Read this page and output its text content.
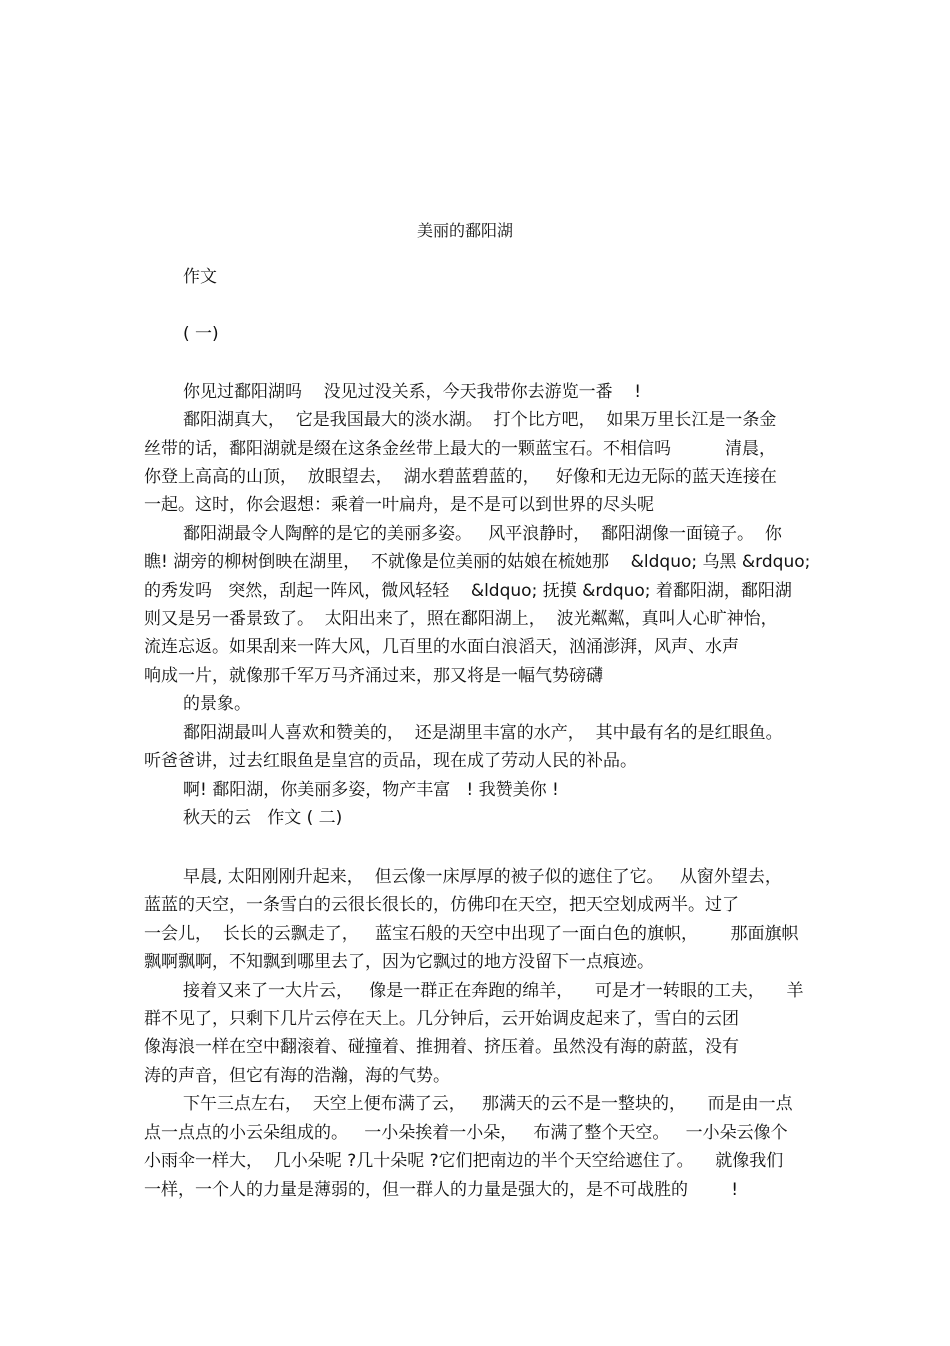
美丽的鄱阳湖

作文

( 一)

你见过鄱阳湖吗    没见过没关系，今天我带你去游览一番    !

鄱阳湖真大，  它是我国最大的淡水湖。  打个比方吧，  如果万里长江是一条金

丝带的话，鄱阳湖就是缀在这条金丝带上最大的一颗蓝宝石。不相信吗          清晨，

你登上高高的山顶，  放眼望去，  湖水碧蓝碧蓝的，   好像和无边无际的蓝天连接在

一起。这时，你会遐想：乘着一叶扁舟，是不是可以到世界的尽头呢

鄱阳湖最令人陶醉的是它的美丽多姿。   风平浪静时，  鄱阳湖像一面镜子。  你

瞧! 湖旁的柳树倒映在湖里，  不就像是位美丽的姑娘在梳她那    &ldquo; 乌黑 &rdquo;

的秀发吗   突然，刮起一阵风，微风轻轻    &ldquo; 抚摸 &rdquo; 着鄱阳湖，鄱阳湖

则又是另一番景致了。  太阳出来了，照在鄱阳湖上，  波光粼粼，真叫人心旷神怡，

流连忘返。如果刮来一阵大风，几百里的水面白浪滔天，汹涌澎湃，风声、水声

响成一片，就像那千军万马齐涌过来，那又将是一幅气势磅礴

的景象。

鄱阳湖最叫人喜欢和赞美的，  还是湖里丰富的水产，  其中最有名的是红眼鱼。

听爸爸讲，过去红眼鱼是皇宫的贡品，现在成了劳动人民的补品。

啊! 鄱阳湖，你美丽多姿，物产丰富   ! 我赞美你 !

秋天的云   作文 ( 二)

早晨, 太阳刚刚升起来，  但云像一床厚厚的被子似的遮住了它。   从窗外望去，

蓝蓝的天空，一条雪白的云很长很长的，仿佛印在天空，把天空划成两半。过了

一会儿，  长长的云飘走了，   蓝宝石般的天空中出现了一面白色的旗帜，      那面旗帜

飘啊飘啊，不知飘到哪里去了，因为它飘过的地方没留下一点痕迹。

接着又来了一大片云，   像是一群正在奔跑的绵羊，    可是才一转眼的工夫，    羊

群不见了，只剩下几片云停在天上。几分钟后，云开始调皮起来了，雪白的云团

像海浪一样在空中翻滚着、碰撞着、推拥着、挤压着。虽然没有海的蔚蓝，没有

涛的声音，但它有海的浩瀚，海的气势。

下午三点左右，  天空上便布满了云，   那满天的云不是一整块的，    而是由一点

点一点点的小云朵组成的。   一小朵挨着一小朵，   布满了整个天空。   一小朵云像个

小雨伞一样大，  几小朵呢 ?几十朵呢 ?它们把南边的半个天空给遮住了。    就像我们

一样，一个人的力量是薄弱的，但一群人的力量是强大的，是不可战胜的        !
